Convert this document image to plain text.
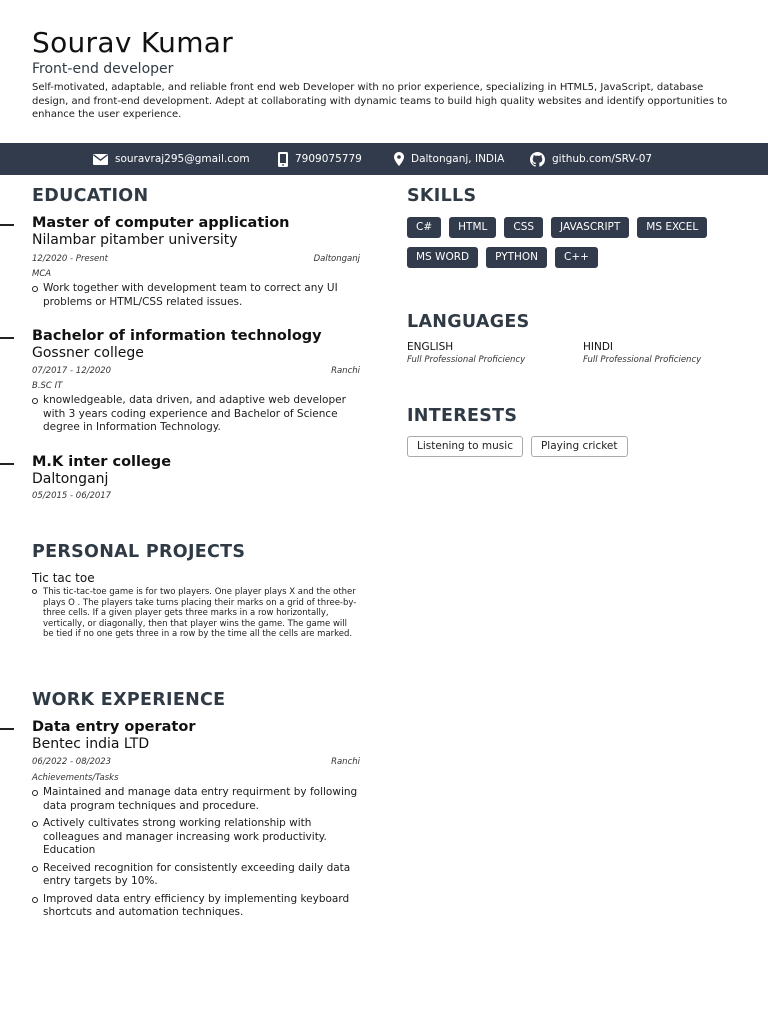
Sourav Kumar
Front-end developer
Self-motivated, adaptable, and reliable front end web Developer with no prior experience, specializing in HTML5, JavaScript, database design, and front-end development. Adept at collaborating with dynamic teams to build high quality websites and identify opportunities to enhance the user experience.
souravraj295@gmail.com	7909075779	Daltonganj, INDIA	github.com/SRV-07
EDUCATION
Master of computer application
Nilambar pitamber university
12/2020 - Present	Daltonganj
MCA
Work together with development team to correct any UI problems or HTML/CSS related issues.
Bachelor of information technology
Gossner college
07/2017 - 12/2020	Ranchi
B.SC IT
knowledgeable, data driven, and adaptive web developer with 3 years coding experience and Bachelor of Science degree in Information Technology.
M.K inter college
Daltonganj
05/2015 - 06/2017
PERSONAL PROJECTS
Tic tac toe
This tic-tac-toe game is for two players. One player plays X and the other plays O . The players take turns placing their marks on a grid of three-by-three cells. If a given player gets three marks in a row horizontally, vertically, or diagonally, then that player wins the game. The game will be tied if no one gets three in a row by the time all the cells are marked.
WORK EXPERIENCE
Data entry operator
Bentec india LTD
06/2022 - 08/2023	Ranchi
Achievements/Tasks
Maintained and manage data entry requirment by following data program techniques and procedure.
Actively cultivates strong working relationship with colleagues and manager increasing work productivity. Education
Received recognition for consistently exceeding daily data entry targets by 10%.
Improved data entry efficiency by implementing keyboard shortcuts and automation techniques.
SKILLS
C#	HTML	CSS	JAVASCRIPT	MS EXCEL
MS WORD	PYTHON	C++
LANGUAGES
ENGLISH
Full Professional Proficiency
HINDI
Full Professional Proficiency
INTERESTS
Listening to music	Playing cricket
